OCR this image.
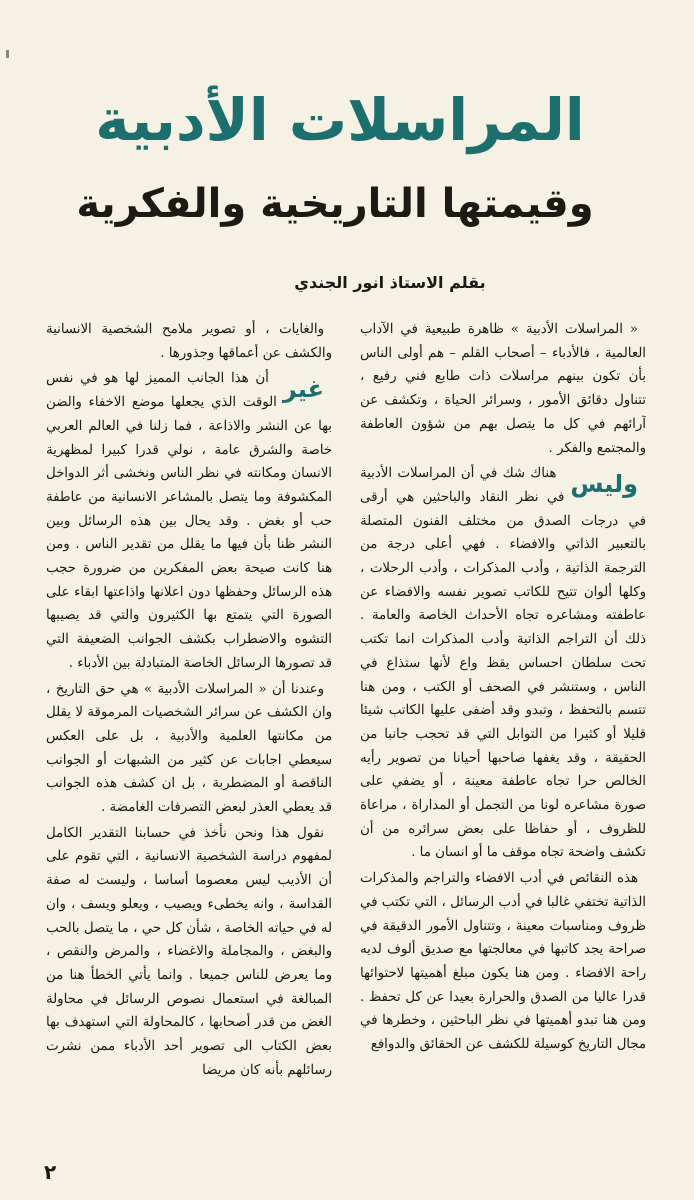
المراسلات الأدبية
وقيمتها التاريخية والفكرية
بقلم الاستاذ انور الجندي

« المراسلات الأدبية » ظاهرة طبيعية في الآداب العالمية ، فالأدباء – أصحاب القلم – هم أولى الناس بأن تكون بينهم مراسلات ذات طابع فني رفيع ، تتناول دقائق الأمور ، وسرائر الحياة ، وتكشف عن آرائهم في كل ما يتصل بهم من شؤون العاطفة والمجتمع والفكر .

وليس
هناك شك في أن المراسلات الأدبية في نظر النقاد والباحثين هي أرقى في درجات الصدق من مختلف الفنون المتصلة بالتعبير الذاتي والافضاء . فهي أعلى درجة من الترجمة الذاتية ، وأدب المذكرات ، وأدب الرحلات ، وكلها ألوان تتيح للكاتب تصوير نفسه والافضاء عن عاطفته ومشاعره تجاه الأحداث الخاصة والعامة . ذلك أن التراجم الذاتية وأدب المذكرات انما تكتب تحت سلطان احساس يقظ واع لأنها ستذاع في الناس ، وستنشر في الصحف أو الكتب ، ومن هنا تتسم بالتحفظ ، وتبدو وقد أضفى عليها الكاتب شيئا قليلا أو كثيرا من التوابل التي قد تحجب جانبا من الحقيقة ، وقد يغفها صاحبها أحيانا من تصوير رأيه الخالص حرا تجاه عاطفة معينة ، أو يضفي على صورة مشاعره لونا من التجمل أو المداراة ، مراعاة للظروف ، أو حفاظا على بعض سرائره من أن تكشف واضحة تجاه موقف ما أو انسان ما .

هذه النقائص في أدب الافضاء والتراجم والمذكرات الذاتية تختفي غالبا في أدب الرسائل ، التي تكتب في ظروف ومناسبات معينة ، وتتناول الأمور الدقيقة في صراحة يجد كاتبها في معالجتها مع صديق ألوف لديه راحة الافضاء . ومن هنا يكون مبلغ أهميتها لاحتوائها قدرا عاليا من الصدق والحرارة بعيدا عن كل تحفظ . ومن هنا تبدو أهميتها في نظر الباحثين ، وخطرها في مجال التاريخ كوسيلة للكشف عن الحقائق والدوافع

والغايات ، أو تصوير ملامح الشخصية الانسانية والكشف عن أعماقها وجذورها .

غير
أن هذا الجانب المميز لها هو في نفس الوقت الذي يجعلها موضع الاخفاء والضن بها عن النشر والاذاعة ، فما زلنا في العالم العربي خاصة والشرق عامة ، نولي قدرا كبيرا لمظهرية الانسان ومكانته في نظر الناس ونخشى أثر الدواخل المكشوفة وما يتصل بالمشاعر الانسانية من عاطفة حب أو بغض . وقد يحال بين هذه الرسائل وبين النشر ظنا بأن فيها ما يقلل من تقدير الناس . ومن هنا كانت صيحة بعض المفكرين من ضرورة حجب هذه الرسائل وحفظها دون اعلانها واذاعتها ابقاء على الصورة التي يتمتع بها الكثيرون والتي قد يصيبها التشوه والاضطراب بكشف الجوانب الضعيفة التي قد تصورها الرسائل الخاصة المتبادلة بين الأدباء .

وعندنا أن « المراسلات الأدبية » هي حق التاريخ ، وان الكشف عن سرائر الشخصيات المرموقة لا يقلل من مكانتها العلمية والأدبية ، بل على العكس سيعطي اجابات عن كثير من الشبهات أو الجوانب الناقصة أو المضطربة ، بل ان كشف هذه الجوانب قد يعطي العذر لبعض التصرفات الغامضة .

نقول هذا ونحن نأخذ في حسابنا التقدير الكامل لمفهوم دراسة الشخصية الانسانية ، التي تقوم على أن الأديب ليس معصوما أساسا ، وليست له صفة القداسة ، وانه يخطىء ويصيب ، ويعلو ويسف ، وان له في حياته الخاصة ، شأن كل حي ، ما يتصل بالحب والبغض ، والمجاملة والاغضاء ، والمرض والنقص ، وما يعرض للناس جميعا . وانما يأتي الخطأ هنا من المبالغة في استعمال نصوص الرسائل في محاولة الغض من قدر أصحابها ، كالمحاولة التي استهدف بها بعض الكتاب الى تصوير أحد الأدباء ممن نشرت رسائلهم بأنه كان مريضا

٢
